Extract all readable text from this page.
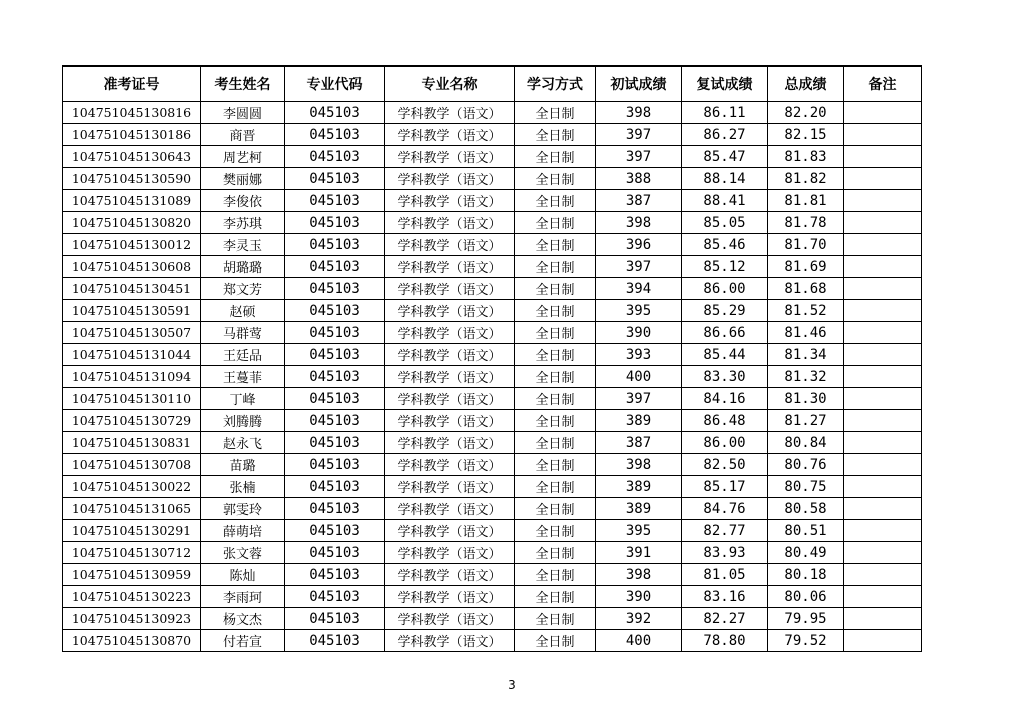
准考证号	考生姓名	专业代码	专业名称	学习方式	初试成绩	复试成绩	总成绩	备注
104751045130816	李圆圆	045103	学科教学（语文）	全日制	398	86.11	82.20	
104751045130186	商晋	045103	学科教学（语文）	全日制	397	86.27	82.15	
104751045130643	周艺柯	045103	学科教学（语文）	全日制	397	85.47	81.83	
104751045130590	樊丽娜	045103	学科教学（语文）	全日制	388	88.14	81.82	
104751045131089	李俊依	045103	学科教学（语文）	全日制	387	88.41	81.81	
104751045130820	李苏琪	045103	学科教学（语文）	全日制	398	85.05	81.78	
104751045130012	李灵玉	045103	学科教学（语文）	全日制	396	85.46	81.70	
104751045130608	胡璐璐	045103	学科教学（语文）	全日制	397	85.12	81.69	
104751045130451	郑文芳	045103	学科教学（语文）	全日制	394	86.00	81.68	
104751045130591	赵硕	045103	学科教学（语文）	全日制	395	85.29	81.52	
104751045130507	马群莺	045103	学科教学（语文）	全日制	390	86.66	81.46	
104751045131044	王廷品	045103	学科教学（语文）	全日制	393	85.44	81.34	
104751045131094	王蔓菲	045103	学科教学（语文）	全日制	400	83.30	81.32	
104751045130110	丁峰	045103	学科教学（语文）	全日制	397	84.16	81.30	
104751045130729	刘腾腾	045103	学科教学（语文）	全日制	389	86.48	81.27	
104751045130831	赵永飞	045103	学科教学（语文）	全日制	387	86.00	80.84	
104751045130708	苗璐	045103	学科教学（语文）	全日制	398	82.50	80.76	
104751045130022	张楠	045103	学科教学（语文）	全日制	389	85.17	80.75	
104751045131065	郭雯玲	045103	学科教学（语文）	全日制	389	84.76	80.58	
104751045130291	薛萌培	045103	学科教学（语文）	全日制	395	82.77	80.51	
104751045130712	张文蓉	045103	学科教学（语文）	全日制	391	83.93	80.49	
104751045130959	陈灿	045103	学科教学（语文）	全日制	398	81.05	80.18	
104751045130223	李雨珂	045103	学科教学（语文）	全日制	390	83.16	80.06	
104751045130923	杨文杰	045103	学科教学（语文）	全日制	392	82.27	79.95	
104751045130870	付若宣	045103	学科教学（语文）	全日制	400	78.80	79.52	
3
